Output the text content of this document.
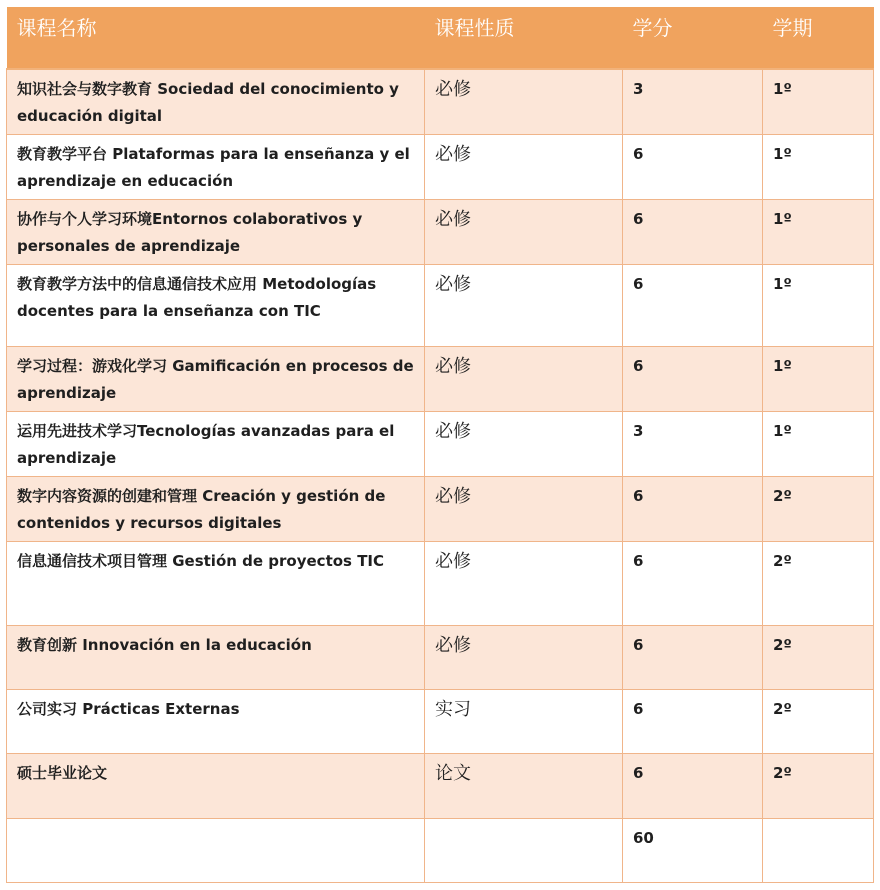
课程名称	课程性质	学分	学期
知识社会与数字教育 Sociedad del conocimiento y educación digital	必修	3	1º
教育教学平台 Plataformas para la enseñanza y el aprendizaje en educación	必修	6	1º
协作与个人学习环境Entornos colaborativos y personales de aprendizaje	必修	6	1º
教育教学方法中的信息通信技术应用 Metodologías docentes para la enseñanza con TIC	必修	6	1º
学习过程：游戏化学习 Gamificación en procesos de aprendizaje	必修	6	1º
运用先进技术学习Tecnologías avanzadas para el aprendizaje	必修	3	1º
数字内容资源的创建和管理 Creación y gestión de contenidos y recursos digitales	必修	6	2º
信息通信技术项目管理 Gestión de proyectos TIC	必修	6	2º
教育创新 Innovación en la educación	必修	6	2º
公司实习 Prácticas Externas	实习	6	2º
硕士毕业论文	论文	6	2º
		60	
